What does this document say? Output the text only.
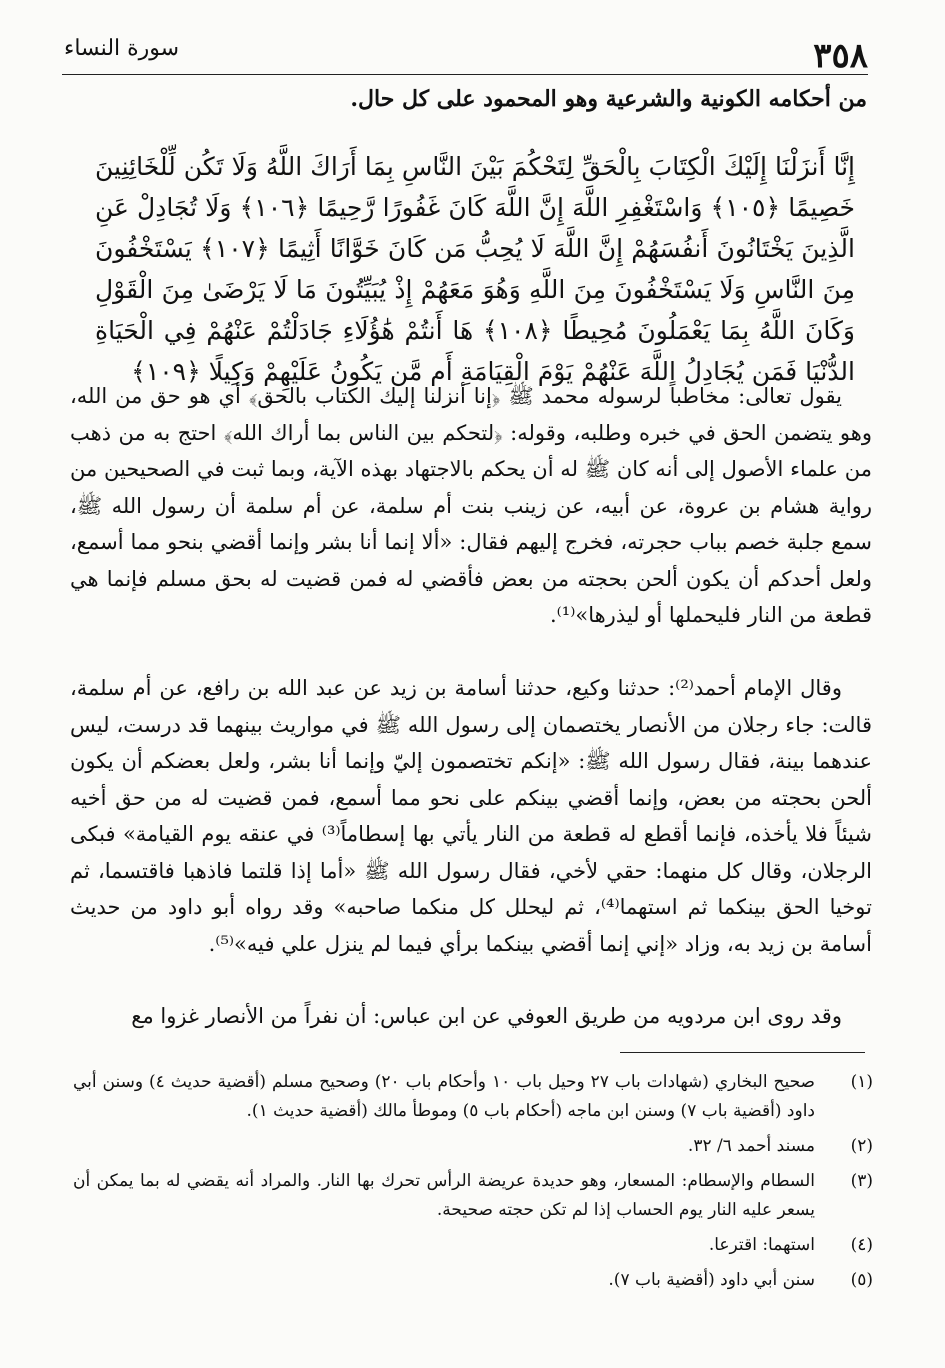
٣٥٨
سورة النساء
من أحكامه الكونية والشرعية وهو المحمود على كل حال.
إِنَّا أَنزَلْنَا إِلَيْكَ الْكِتَابَ بِالْحَقِّ لِتَحْكُمَ بَيْنَ النَّاسِ بِمَا أَرَاكَ اللَّهُ وَلَا تَكُن لِّلْخَائِنِينَ خَصِيمًا ﴿١٠٥﴾ وَاسْتَغْفِرِ اللَّهَ إِنَّ اللَّهَ كَانَ غَفُورًا رَّحِيمًا ﴿١٠٦﴾ وَلَا تُجَادِلْ عَنِ الَّذِينَ يَخْتَانُونَ أَنفُسَهُمْ إِنَّ اللَّهَ لَا يُحِبُّ مَن كَانَ خَوَّانًا أَثِيمًا ﴿١٠٧﴾ يَسْتَخْفُونَ مِنَ النَّاسِ وَلَا يَسْتَخْفُونَ مِنَ اللَّهِ وَهُوَ مَعَهُمْ إِذْ يُبَيِّتُونَ مَا لَا يَرْضَىٰ مِنَ الْقَوْلِ وَكَانَ اللَّهُ بِمَا يَعْمَلُونَ مُحِيطًا ﴿١٠٨﴾ هَا أَنتُمْ هَٰؤُلَاءِ جَادَلْتُمْ عَنْهُمْ فِي الْحَيَاةِ الدُّنْيَا فَمَن يُجَادِلُ اللَّهَ عَنْهُمْ يَوْمَ الْقِيَامَةِ أَم مَّن يَكُونُ عَلَيْهِمْ وَكِيلًا ﴿١٠٩﴾

يقول تعالى: مخاطباً لرسوله محمد ﷺ ﴿إنا أنزلنا إليك الكتاب بالحق﴾ أي هو حق من الله، وهو يتضمن الحق في خبره وطلبه، وقوله: ﴿لتحكم بين الناس بما أراك الله﴾ احتج به من ذهب من علماء الأصول إلى أنه كان ﷺ له أن يحكم بالاجتهاد بهذه الآية، وبما ثبت في الصحيحين من رواية هشام بن عروة، عن أبيه، عن زينب بنت أم سلمة، عن أم سلمة أن رسول الله ﷺ، سمع جلبة خصم بباب حجرته، فخرج إليهم فقال: «ألا إنما أنا بشر وإنما أقضي بنحو مما أسمع، ولعل أحدكم أن يكون ألحن بحجته من بعض فأقضي له فمن قضيت له بحق مسلم فإنما هي قطعة من النار فليحملها أو ليذرها»⁽¹⁾.

وقال الإمام أحمد⁽²⁾: حدثنا وكيع، حدثنا أسامة بن زيد عن عبد الله بن رافع، عن أم سلمة، قالت: جاء رجلان من الأنصار يختصمان إلى رسول الله ﷺ في مواريث بينهما قد درست، ليس عندهما بينة، فقال رسول الله ﷺ: «إنكم تختصمون إليّ وإنما أنا بشر، ولعل بعضكم أن يكون ألحن بحجته من بعض، وإنما أقضي بينكم على نحو مما أسمع، فمن قضيت له من حق أخيه شيئاً فلا يأخذه، فإنما أقطع له قطعة من النار يأتي بها إسطاماً⁽³⁾ في عنقه يوم القيامة» فبكى الرجلان، وقال كل منهما: حقي لأخي، فقال رسول الله ﷺ «أما إذا قلتما فاذهبا فاقتسما، ثم توخيا الحق بينكما ثم استهما⁽⁴⁾، ثم ليحلل كل منكما صاحبه» وقد رواه أبو داود من حديث أسامة بن زيد به، وزاد «إني إنما أقضي بينكما برأي فيما لم ينزل علي فيه»⁽⁵⁾.

وقد روى ابن مردويه من طريق العوفي عن ابن عباس: أن نفراً من الأنصار غزوا مع

(١)
صحيح البخاري (شهادات باب ٢٧ وحيل باب ١٠ وأحكام باب ٢٠) وصحيح مسلم (أقضية حديث ٤) وسنن أبي داود (أقضية باب ٧) وسنن ابن ماجه (أحكام باب ٥) وموطأ مالك (أقضية حديث ١).
(٢)
مسند أحمد ٦/ ٣٢.
(٣)
السطام والإسطام: المسعار، وهو حديدة عريضة الرأس تحرك بها النار. والمراد أنه يقضي له بما يمكن أن يسعر عليه النار يوم الحساب إذا لم تكن حجته صحيحة.
(٤)
استهما: اقترعا.
(٥)
سنن أبي داود (أقضية باب ٧).
